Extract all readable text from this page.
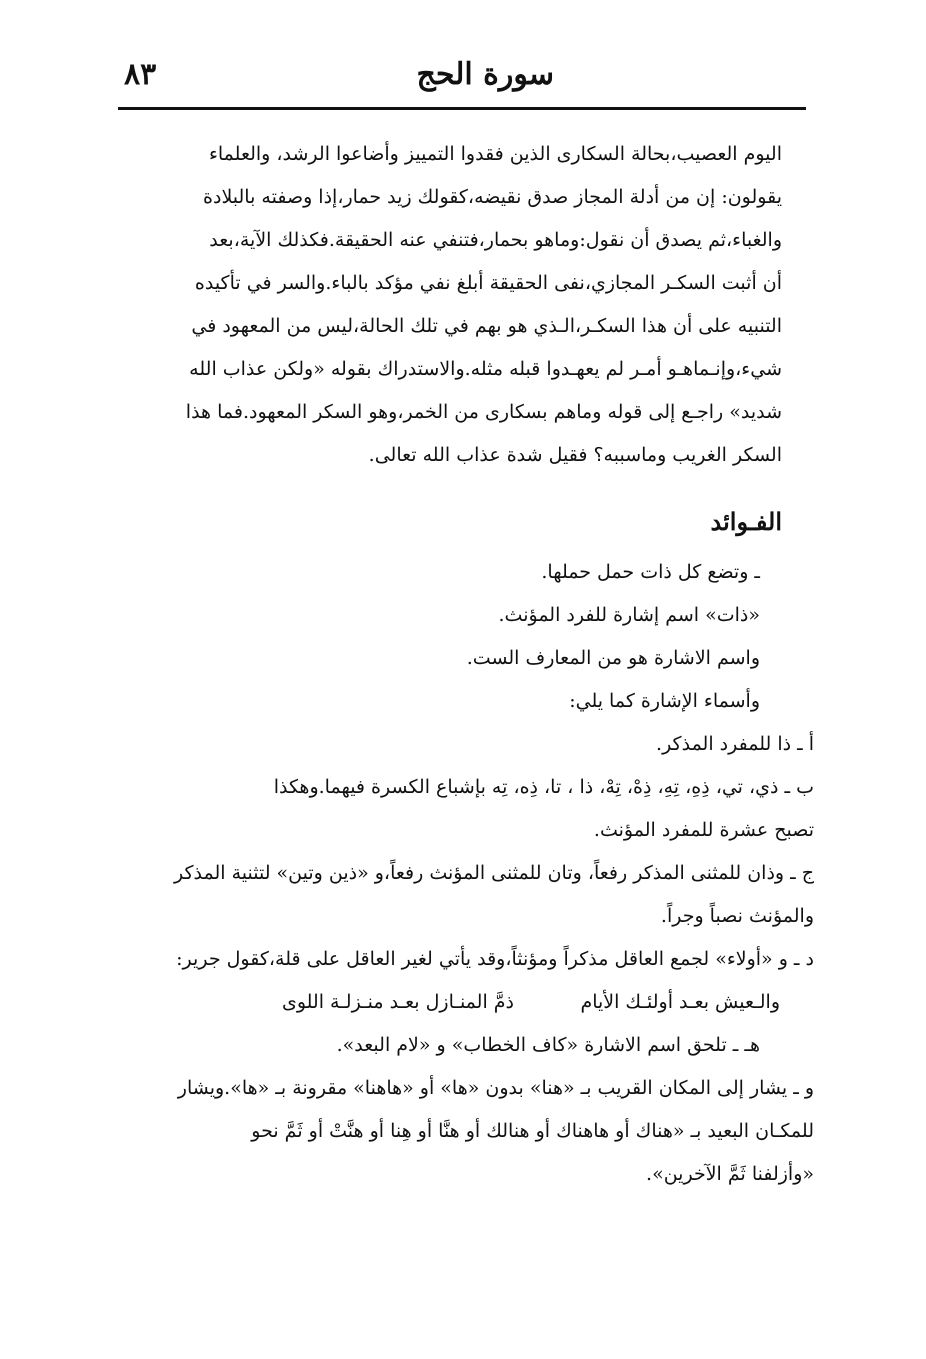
٨٣	سورة الحج
اليوم العصيب،بحالة السكارى الذين فقدوا التمييز وأضاعوا الرشد، والعلماء
يقولون: إن من أدلة المجاز صدق نقيضه،كقولك زيد حمار،إذا وصفته بالبلادة
والغباء،ثم يصدق أن نقول:وماهو بحمار،فتنفي عنه الحقيقة.فكذلك الآية،بعد
أن أثبت السكـر المجازي،نفى الحقيقة أبلغ نفي مؤكد بالباء.والسر في تأكيده
التنبيه على أن هذا السكـر،الـذي هو بهم في تلك الحالة،ليس من المعهود في
شيء،وإنـماهـو أمـر لم يعهـدوا قبله مثله.والاستدراك بقوله «ولكن عذاب الله
شديد» راجـع إلى قوله وماهم بسكارى من الخمر،وهو السكر المعهود.فما هذا
السكر الغريب وماسببه؟ فقيل شدة عذاب الله تعالى.
الفـوائد
ـ وتضع كل ذات حمل حملها.
«ذات» اسم إشارة للفرد المؤنث.
واسم الاشارة هو من المعارف الست.
وأسماء الإشارة كما يلي:
أ ـ ذا للمفرد المذكر.
ب ـ ذي، تي، ذِهِ، تِهِ، ذِهْ، تِهْ، ذا ، تا، ذِه، تِه بإشباع الكسرة فيهما.وهكذا
تصبح عشرة للمفرد المؤنث.
ج ـ وذان للمثنى المذكر رفعاً، وتان للمثنى المؤنث رفعاً،و «ذين وتين» لتثنية المذكر
والمؤنث نصباً وجراً.
د ـ و «أولاء» لجمع العاقل مذكراً ومؤنثاً،وقد يأتي لغير العاقل على قلة،كقول جرير:
ذمَّ المنـازل بعـد منـزلـة اللوى	والـعيش بعـد أولئـك الأيام
هـ ـ تلحق اسم الاشارة «كاف الخطاب» و «لام البعد».
و ـ يشار إلى المكان القريب بـ «هنا» بدون «ها» أو «هاهنا» مقرونة بـ «ها».ويشار
للمكـان البعيد بـ «هناك أو هاهناك أو هنالك أو هنَّا أو هِنا أو هنَّتْ أو ثَمَّ نحو
«وأزلفنا ثَمَّ الآخرين».
